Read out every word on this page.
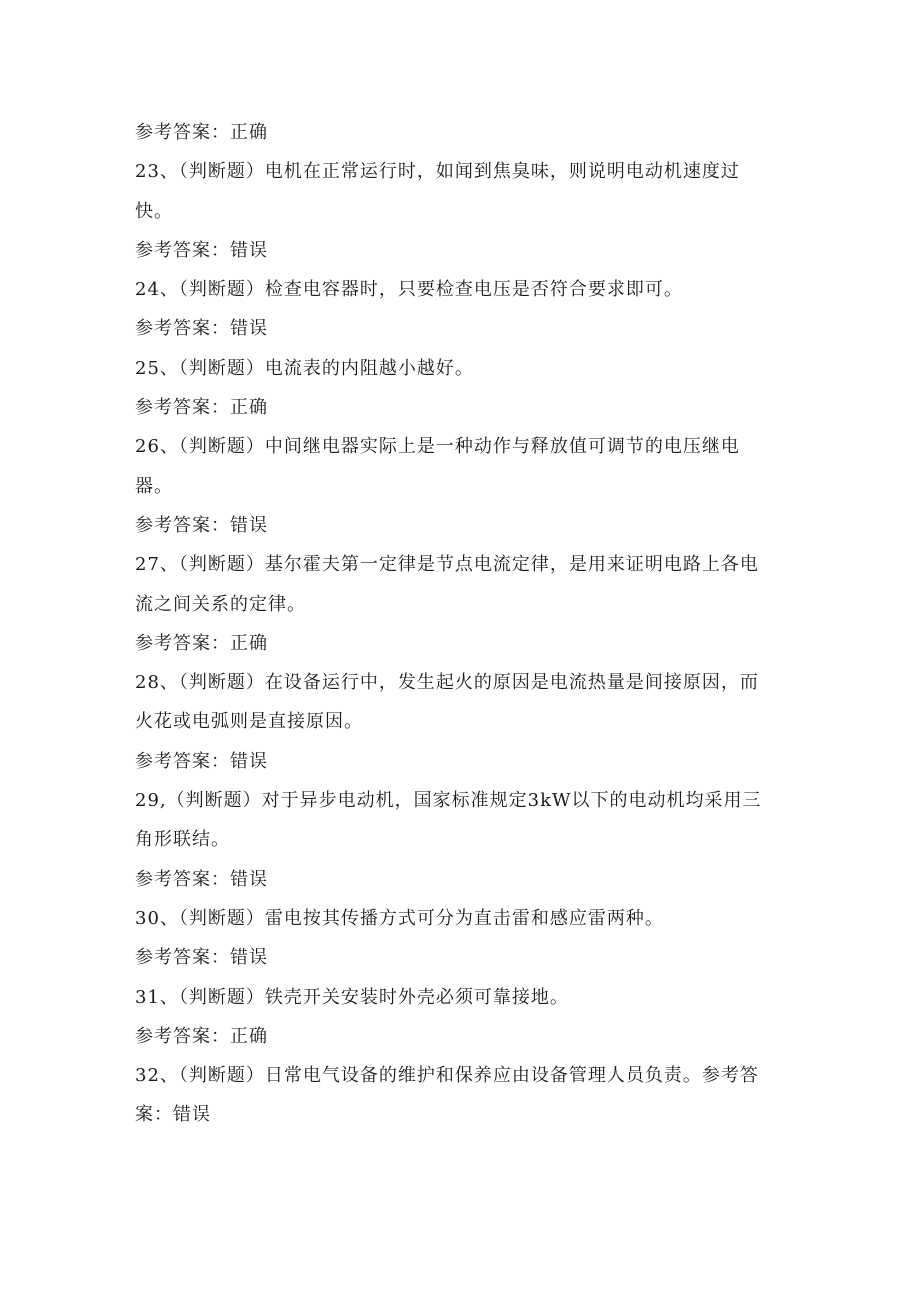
参考答案：正确
23、（判断题）电机在正常运行时，如闻到焦臭味，则说明电动机速度过
快。
参考答案：错误
24、（判断题）检查电容器时，只要检查电压是否符合要求即可。
参考答案：错误
25、（判断题）电流表的内阻越小越好。
参考答案：正确
26、（判断题）中间继电器实际上是一种动作与释放值可调节的电压继电
器。
参考答案：错误
27、（判断题）基尔霍夫第一定律是节点电流定律，是用来证明电路上各电
流之间关系的定律。
参考答案：正确
28、（判断题）在设备运行中，发生起火的原因是电流热量是间接原因，而
火花或电弧则是直接原因。
参考答案：错误
29,（判断题）对于异步电动机，国家标准规定3kW以下的电动机均采用三
角形联结。
参考答案：错误
30、（判断题）雷电按其传播方式可分为直击雷和感应雷两种。
参考答案：错误
31、（判断题）铁壳开关安装时外壳必须可靠接地。
参考答案：正确
32、（判断题）日常电气设备的维护和保养应由设备管理人员负责。参考答
案：错误
